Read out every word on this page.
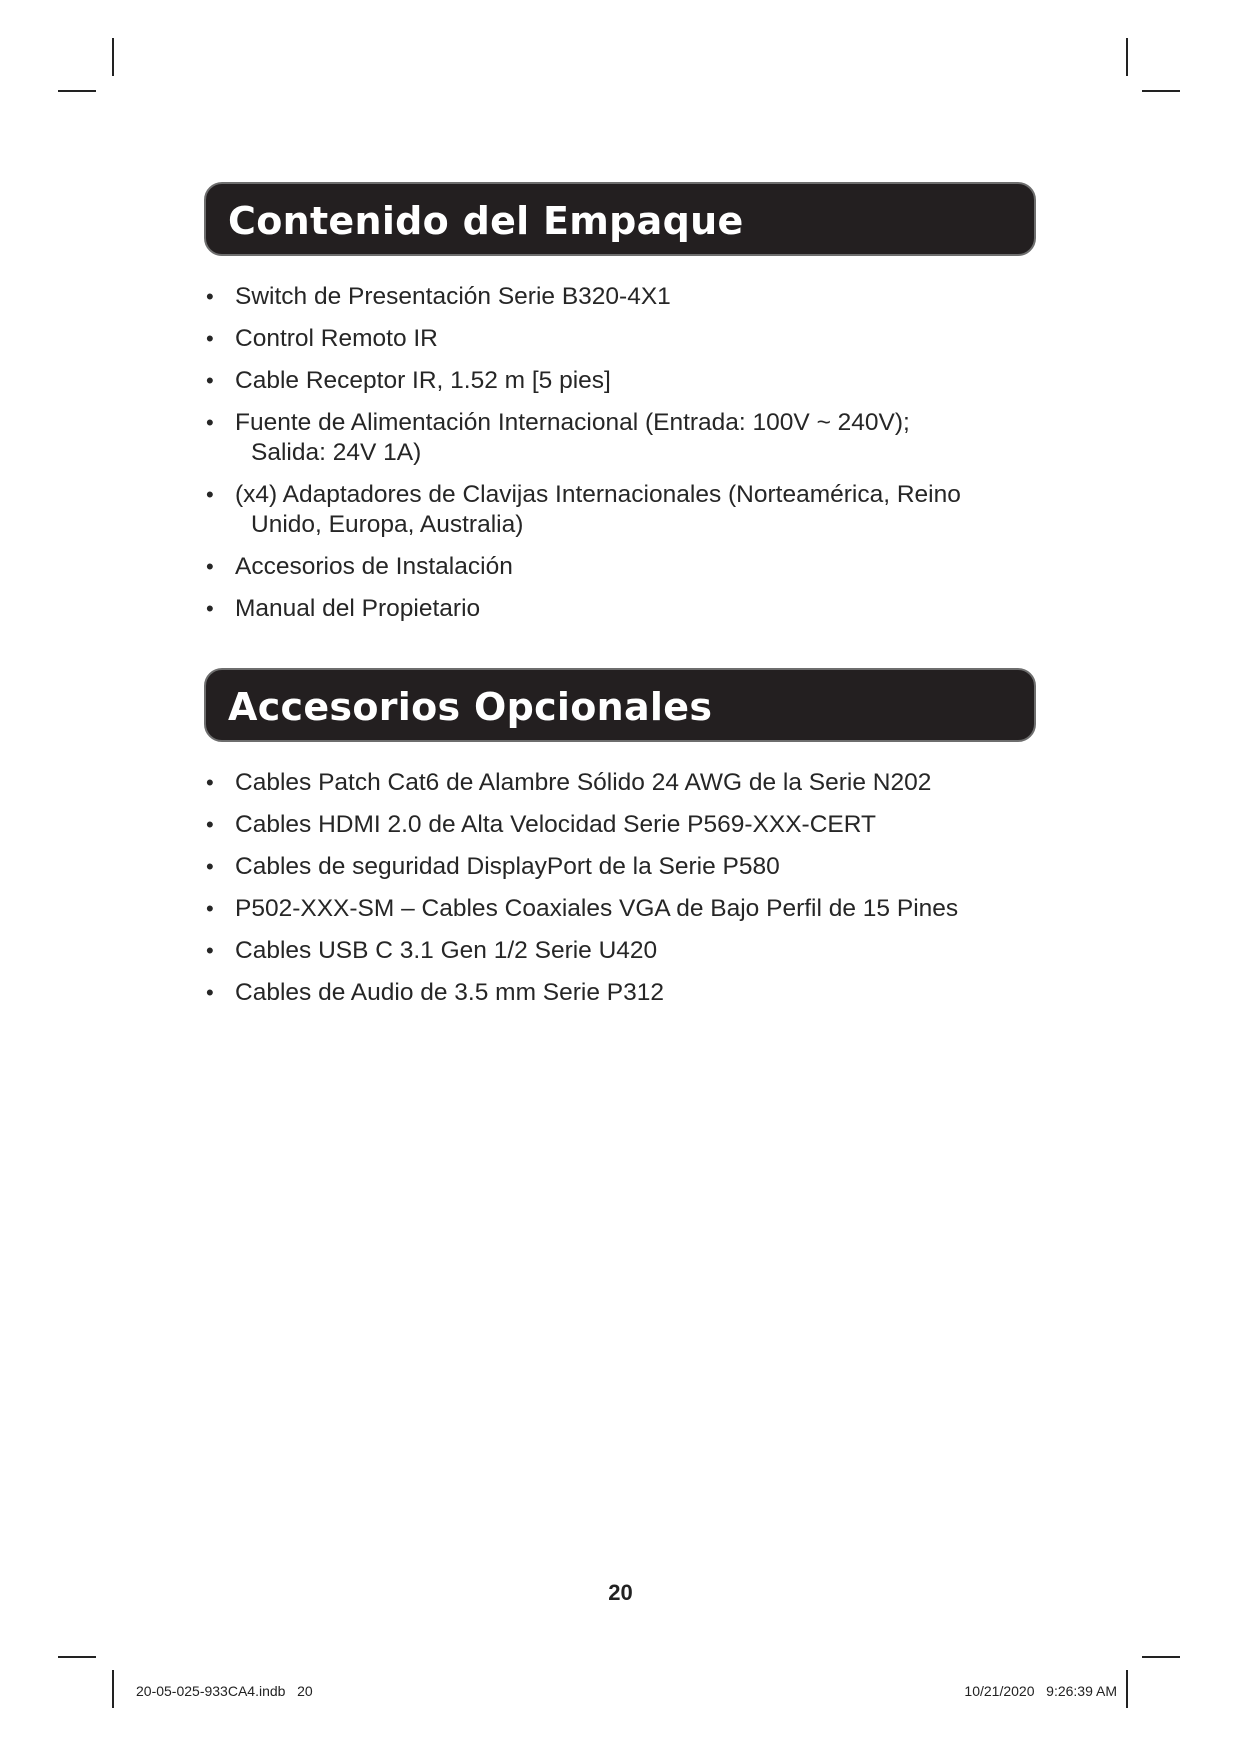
Contenido del Empaque
• Switch de Presentación Serie B320-4X1
• Control Remoto IR
• Cable Receptor IR, 1.52 m [5 pies]
• Fuente de Alimentación Internacional (Entrada: 100V ~ 240V);
Salida: 24V 1A)
• (x4) Adaptadores de Clavijas Internacionales (Norteamérica, Reino
Unido, Europa, Australia)
• Accesorios de Instalación
• Manual del Propietario
Accesorios Opcionales
• Cables Patch Cat6 de Alambre Sólido 24 AWG de la Serie N202
• Cables HDMI 2.0 de Alta Velocidad Serie P569-XXX-CERT
• Cables de seguridad DisplayPort de la Serie P580
• P502-XXX-SM – Cables Coaxiales VGA de Bajo Perfil de 15 Pines
• Cables USB C 3.1 Gen 1/2 Serie U420
• Cables de Audio de 3.5 mm Serie P312
20
20-05-025-933CA4.indb   20	10/21/2020   9:26:39 AM
